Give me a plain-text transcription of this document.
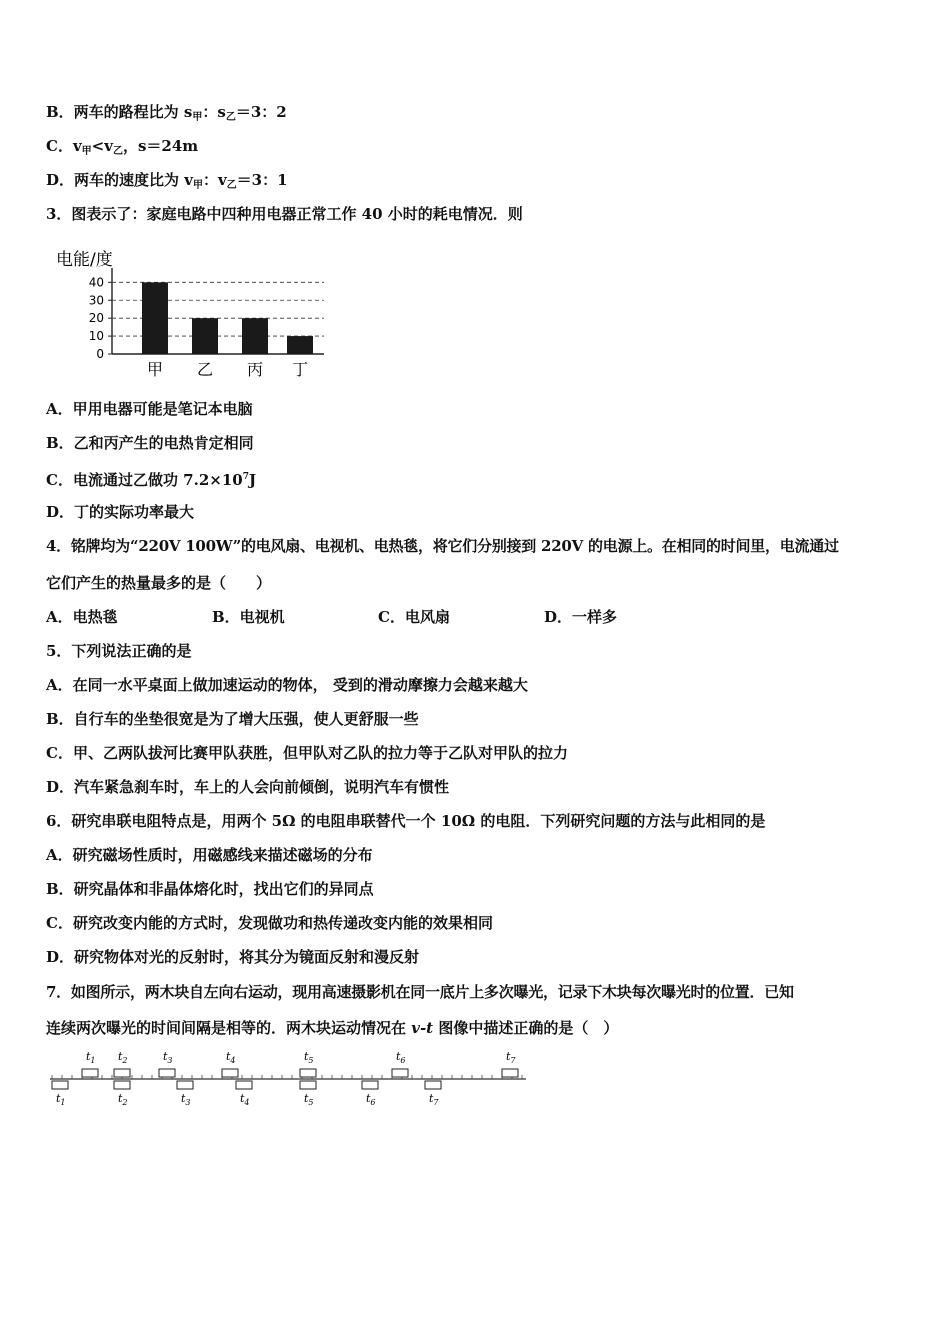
B．两车的路程比为 $s_甲$：$s_乙=3$：2
C．$v_甲<v_乙$，s＝24m
D．两车的速度比为 $v_甲$：$v_乙=3$：1
3．图表示了：家庭电路中四种用电器正常工作 40 小时的耗电情况．则
电能/度
0
10
20
30
40
甲 乙 丙 丁
A．甲用电器可能是笔记本电脑
B．乙和丙产生的电热肯定相同
C．电流通过乙做功 $7.2\times 10^7J$
D．丁的实际功率最大
4．铭牌均为“220V 100W”的电风扇、电视机、电热毯，将它们分别接到 220V 的电源上。在相同的时间里，电流通过
它们产生的热量最多的是（　　）
A．电热毯	B．电视机	C．电风扇	D．一样多
5．下列说法正确的是
A．在同一水平桌面上做加速运动的物体， 受到的滑动摩擦力会越来越大
B．自行车的坐垫很宽是为了增大压强，使人更舒服一些
C．甲、乙两队拔河比赛甲队获胜，但甲队对乙队的拉力等于乙队对甲队的拉力
D．汽车紧急刹车时，车上的人会向前倾倒，说明汽车有惯性
6．研究串联电阻特点是，用两个 5Ω 的电阻串联替代一个 10Ω 的电阻．下列研究问题的方法与此相同的是
A．研究磁场性质时，用磁感线来描述磁场的分布
B．研究晶体和非晶体熔化时，找出它们的异同点
C．研究改变内能的方式时，发现做功和热传递改变内能的效果相同
D．研究物体对光的反射时，将其分为镜面反射和漫反射
7．如图所示，两木块自左向右运动，现用高速摄影机在同一底片上多次曝光，记录下木块每次曝光时的位置．已知
连续两次曝光的时间间隔是相等的．两木块运动情况在 v-t 图像中描述正确的是（　）
$t_1$ $t_2$	$t_3$	$t_4$	$t_5$	$t_6$	$t_7$
$t_1$	$t_2$	$t_3$	$t_4$	$t_5$	$t_6$	$t_7$
